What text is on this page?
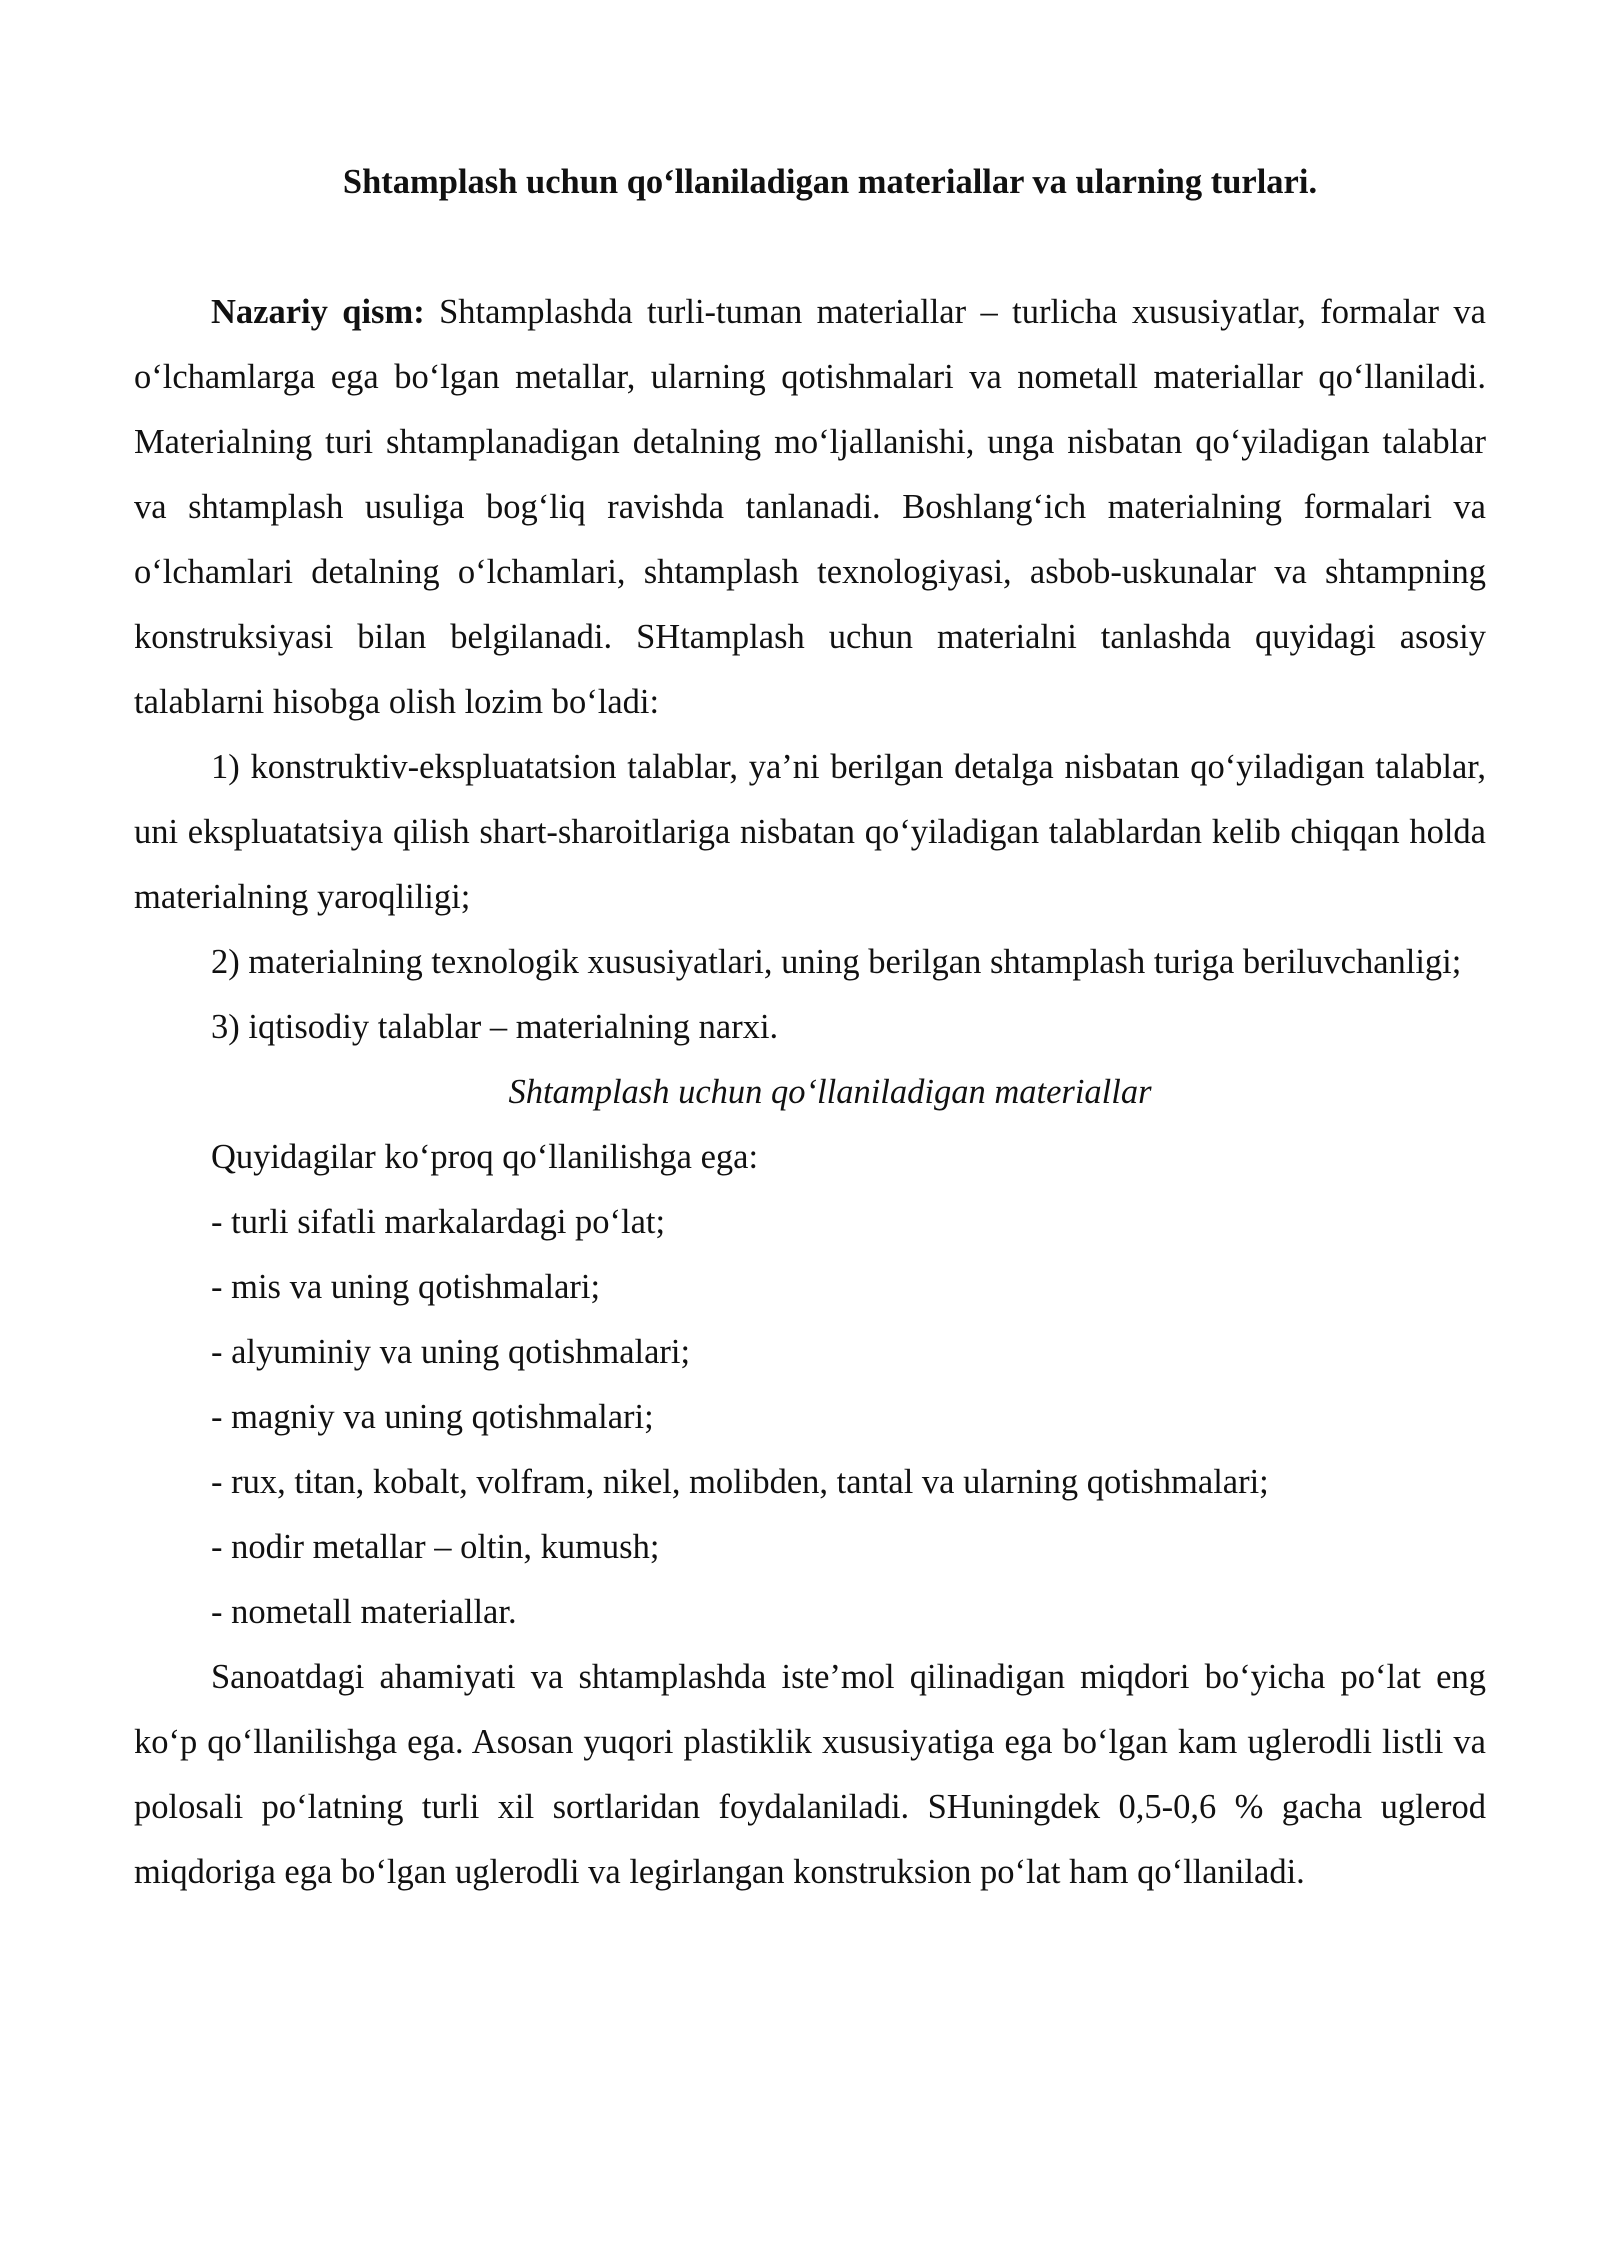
Shtamplash uchun qo‘llaniladigan materiallar va ularning turlari.

Nazariy qism: Shtamplashda turli-tuman materiallar – turlicha xususiyatlar, formalar va o‘lchamlarga ega bo‘lgan metallar, ularning qotishmalari va nometall materiallar qo‘llaniladi. Materialning turi shtamplanadigan detalning mo‘ljallanishi, unga nisbatan qo‘yiladigan talablar va shtamplash usuliga bog‘liq ravishda tanlanadi. Boshlang‘ich materialning formalari va o‘lchamlari detalning o‘lchamlari, shtamplash texnologiyasi, asbob-uskunalar va shtampning konstruksiyasi bilan belgilanadi. SHtamplash uchun materialni tanlashda quyidagi asosiy talablarni hisobga olish lozim bo‘ladi:

1) konstruktiv-ekspluatatsion talablar, ya’ni berilgan detalga nisbatan qo‘yiladigan talablar, uni ekspluatatsiya qilish shart-sharoitlariga nisbatan qo‘yiladigan talablardan kelib chiqqan holda materialning yaroqliligi;

2) materialning texnologik xususiyatlari, uning berilgan shtamplash turiga beriluvchanligi;

3) iqtisodiy talablar – materialning narxi.

Shtamplash uchun qo‘llaniladigan materiallar

Quyidagilar ko‘proq qo‘llanilishga ega:

- turli sifatli markalardagi po‘lat;

- mis va uning qotishmalari;

- alyuminiy va uning qotishmalari;

- magniy va uning qotishmalari;

- rux, titan, kobalt, volfram, nikel, molibden, tantal va ularning qotishmalari;

- nodir metallar – oltin, kumush;

- nometall materiallar.

Sanoatdagi ahamiyati va shtamplashda iste’mol qilinadigan miqdori bo‘yicha po‘lat eng ko‘p qo‘llanilishga ega. Asosan yuqori plastiklik xususiyatiga ega bo‘lgan kam uglerodli listli va polosali po‘latning turli xil sortlaridan foydalaniladi. SHuningdek 0,5-0,6 % gacha uglerod miqdoriga ega bo‘lgan uglerodli va legirlangan konstruksion po‘lat ham qo‘llaniladi.
